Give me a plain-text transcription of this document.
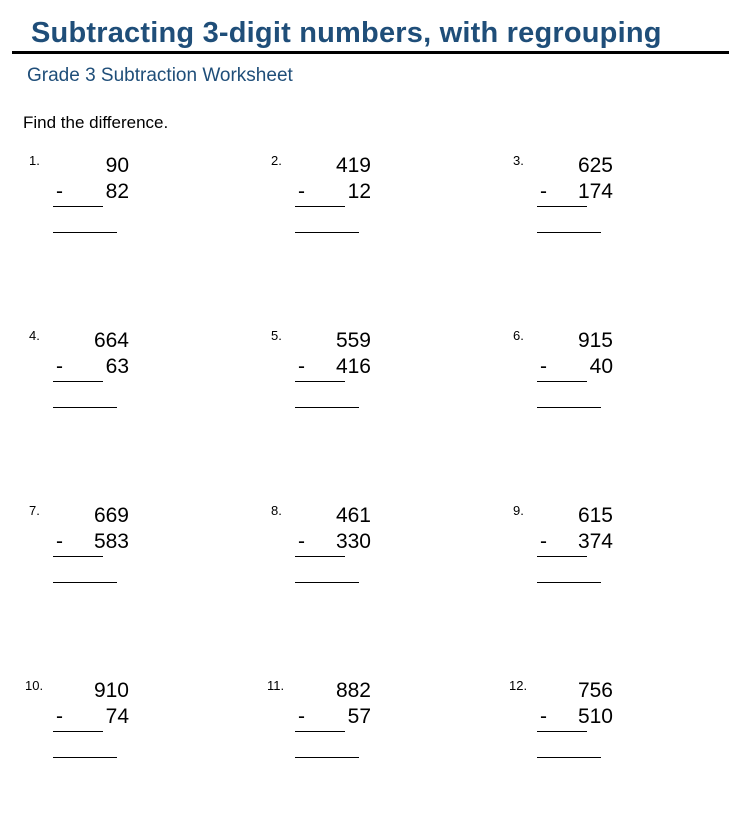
Subtracting 3-digit numbers, with regrouping
Grade 3 Subtraction Worksheet
Find the difference.
1.	90
- 82
2.	419
- 12
3.	625
- 174
4.	664
- 63
5.	559
- 416
6.	915
- 40
7.	669
- 583
8.	461
- 330
9.	615
- 374
10. 910
- 74
11. 882
- 57
12. 756
- 510
